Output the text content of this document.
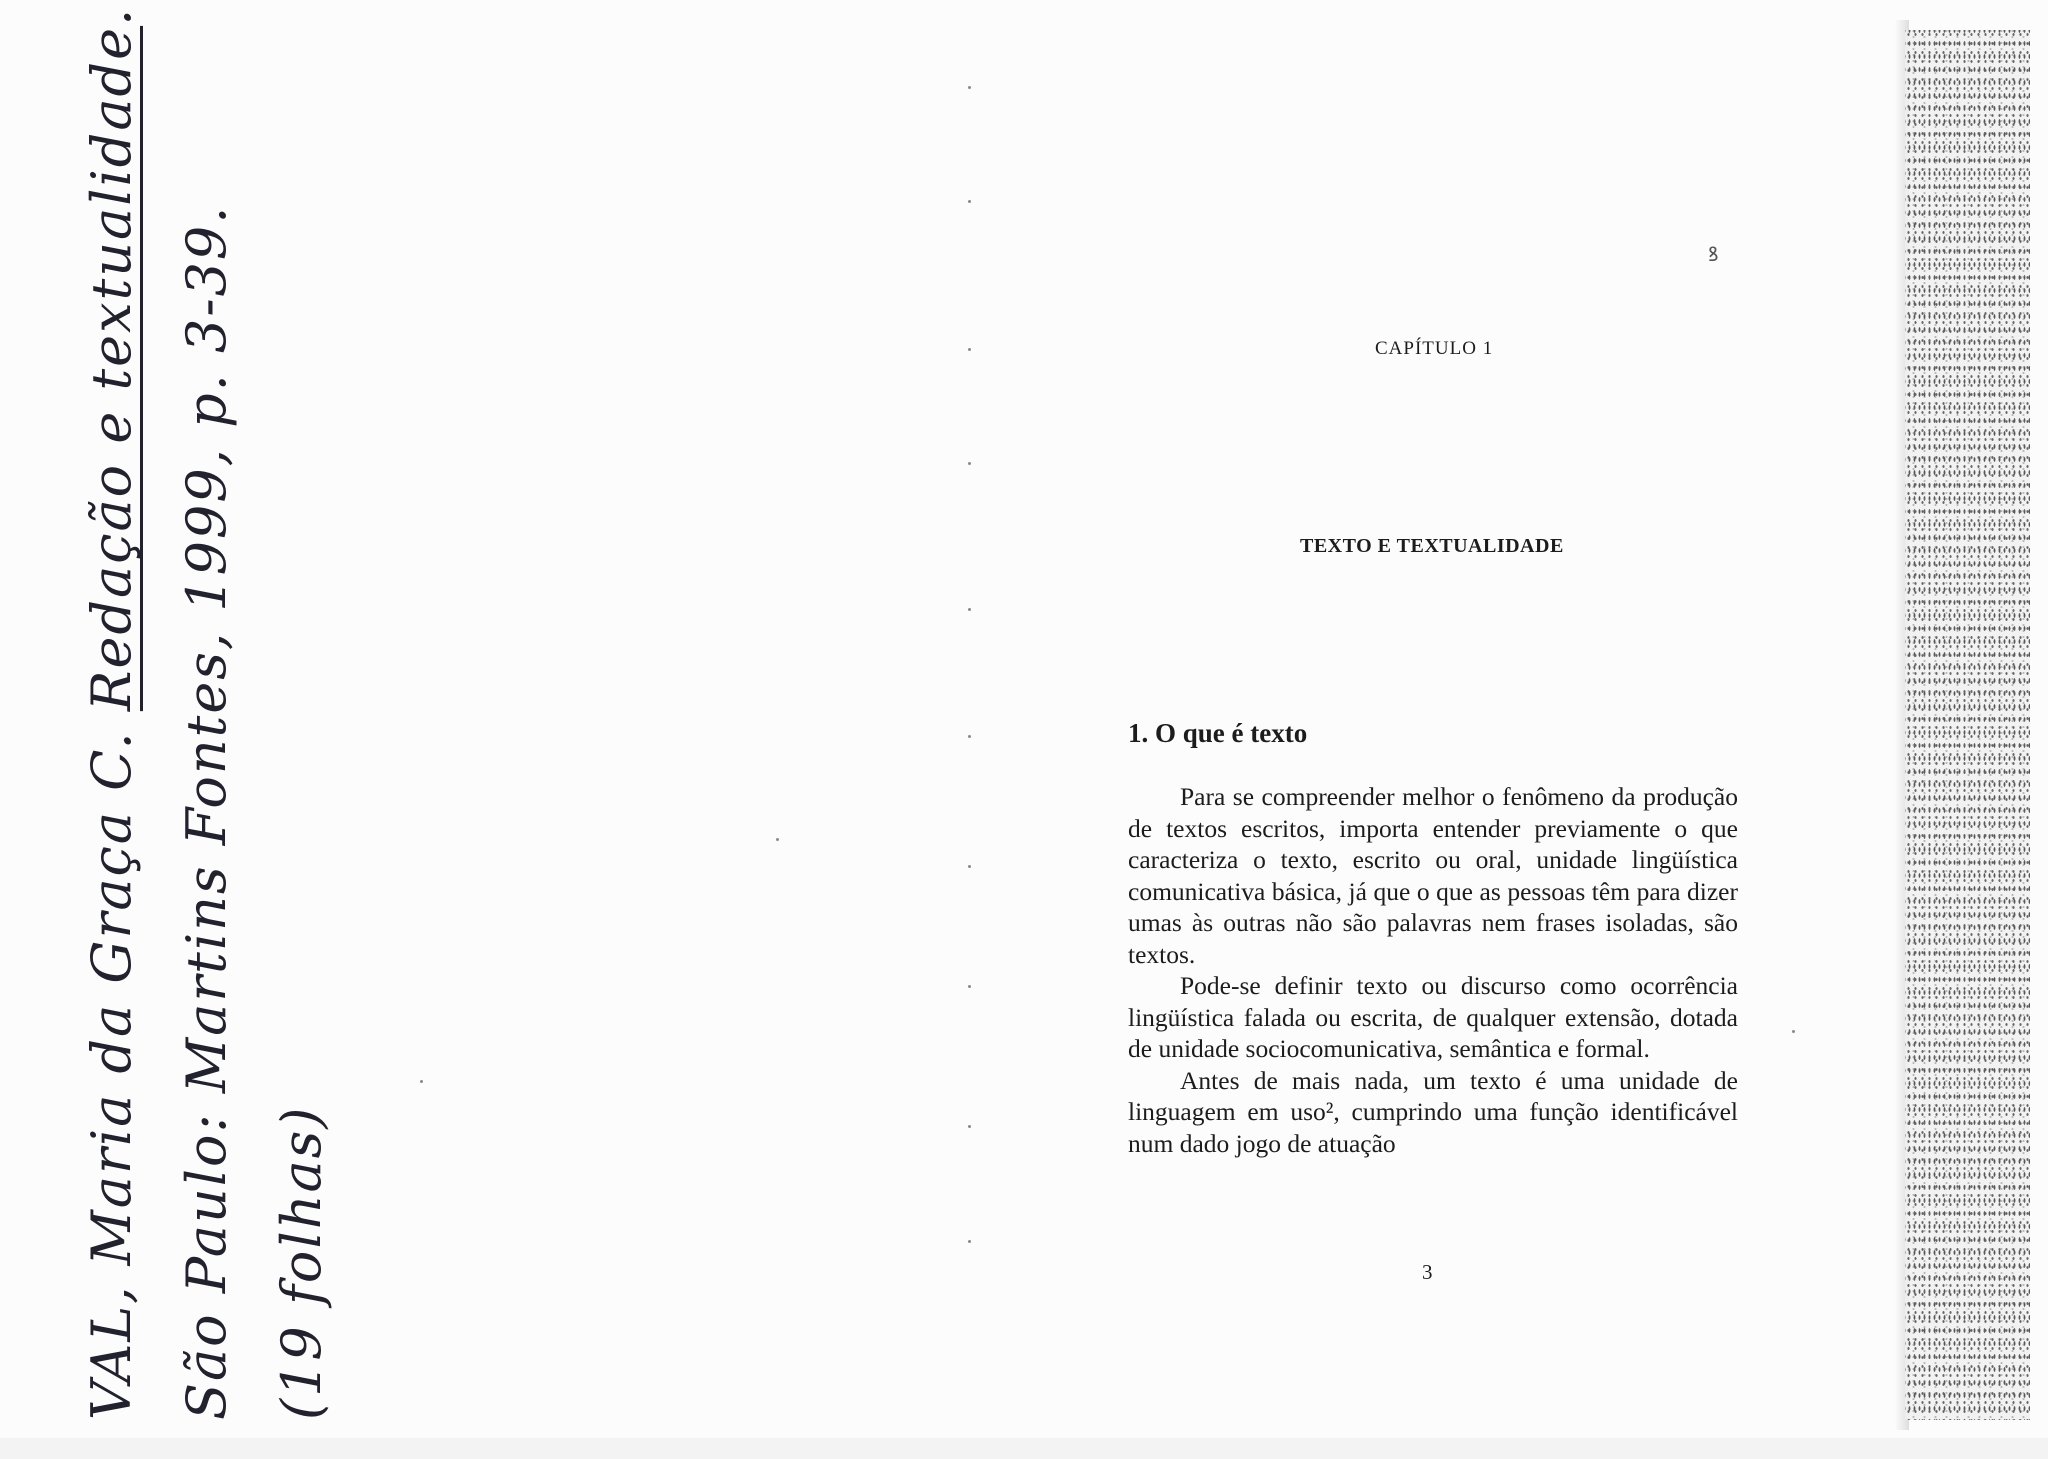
VAL, Maria da Graça C. Redação e textualidade.
São Paulo: Martins Fontes, 1999, p. 3-39. (19 folhas)
ꝸ
CAPÍTULO 1
TEXTO E TEXTUALIDADE
1. O que é texto

Para se compreender melhor o fenômeno da produção de textos escritos, importa entender previamente o que caracteriza o texto, escrito ou oral, unidade lingüística comunicativa básica, já que o que as pessoas têm para dizer umas às outras não são palavras nem frases isoladas, são textos.

Pode-se definir texto ou discurso como ocorrência lingüística falada ou escrita, de qualquer extensão, dotada de unidade sociocomunicativa, semântica e formal.

Antes de mais nada, um texto é uma unidade de linguagem em uso², cumprindo uma função identificável num dado jogo de atuação

3
